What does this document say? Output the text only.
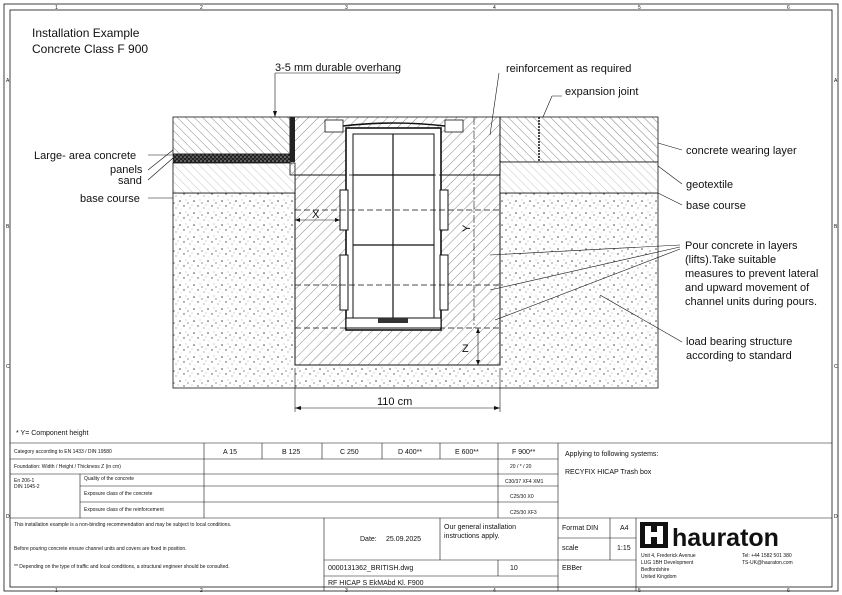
1
1
2
2
3
3
4
4
5
5
6
6
A	A
B	B
C	C
D	D
Installation Example
Concrete Class F 900
X
Y
Z
110 cm
3-5 mm durable overhang	reinforcement as required
expansion joint
Large- area concrete
panels
sand
base course
concrete wearing layer
geotextile
base course
Pour concrete in layers
(lifts).Take suitable
measures to prevent lateral
and upward movement of
channel units during pours.
load bearing structure
according to standard
* Y= Component height
Category according to EN 1433 / DIN 19580	A 15	B 125	C 250	D 400**	E 600**	F 900**
Foundation: Width / Height / Thickness Z (in cm)	20 / * / 20
En 206-1
DIN 1045-2
Quality of the concrete	C30/37 XF4 XM1
Exposure class of the concrete	C25/30 X0
Exposure class of the reinforcement	C25/30 XF3
Applying to following systems:
RECYFIX HICAP Trash box
This installation example is a non-binding recommendation and may be subject to local conditions.
Before pouring concrete ensure channel units and covers are fixed in position.
** Depending on the type of traffic and local conditions, a structural engineer should be consulted.
Date: 25.09.2025
Our general installation
instructions apply.
Format DIN	A4
scale	1:15
0000131362_BRITISH.dwg	10	EBBer
RF HICAP S EkMAbd Kl. F900
hauraton
Unit 4, Frederick Avenue
LUG 1BH Development
Bedfordshire
United Kingdom
Tel: +44 1582 501 380
TS-UK@hauraton.com
